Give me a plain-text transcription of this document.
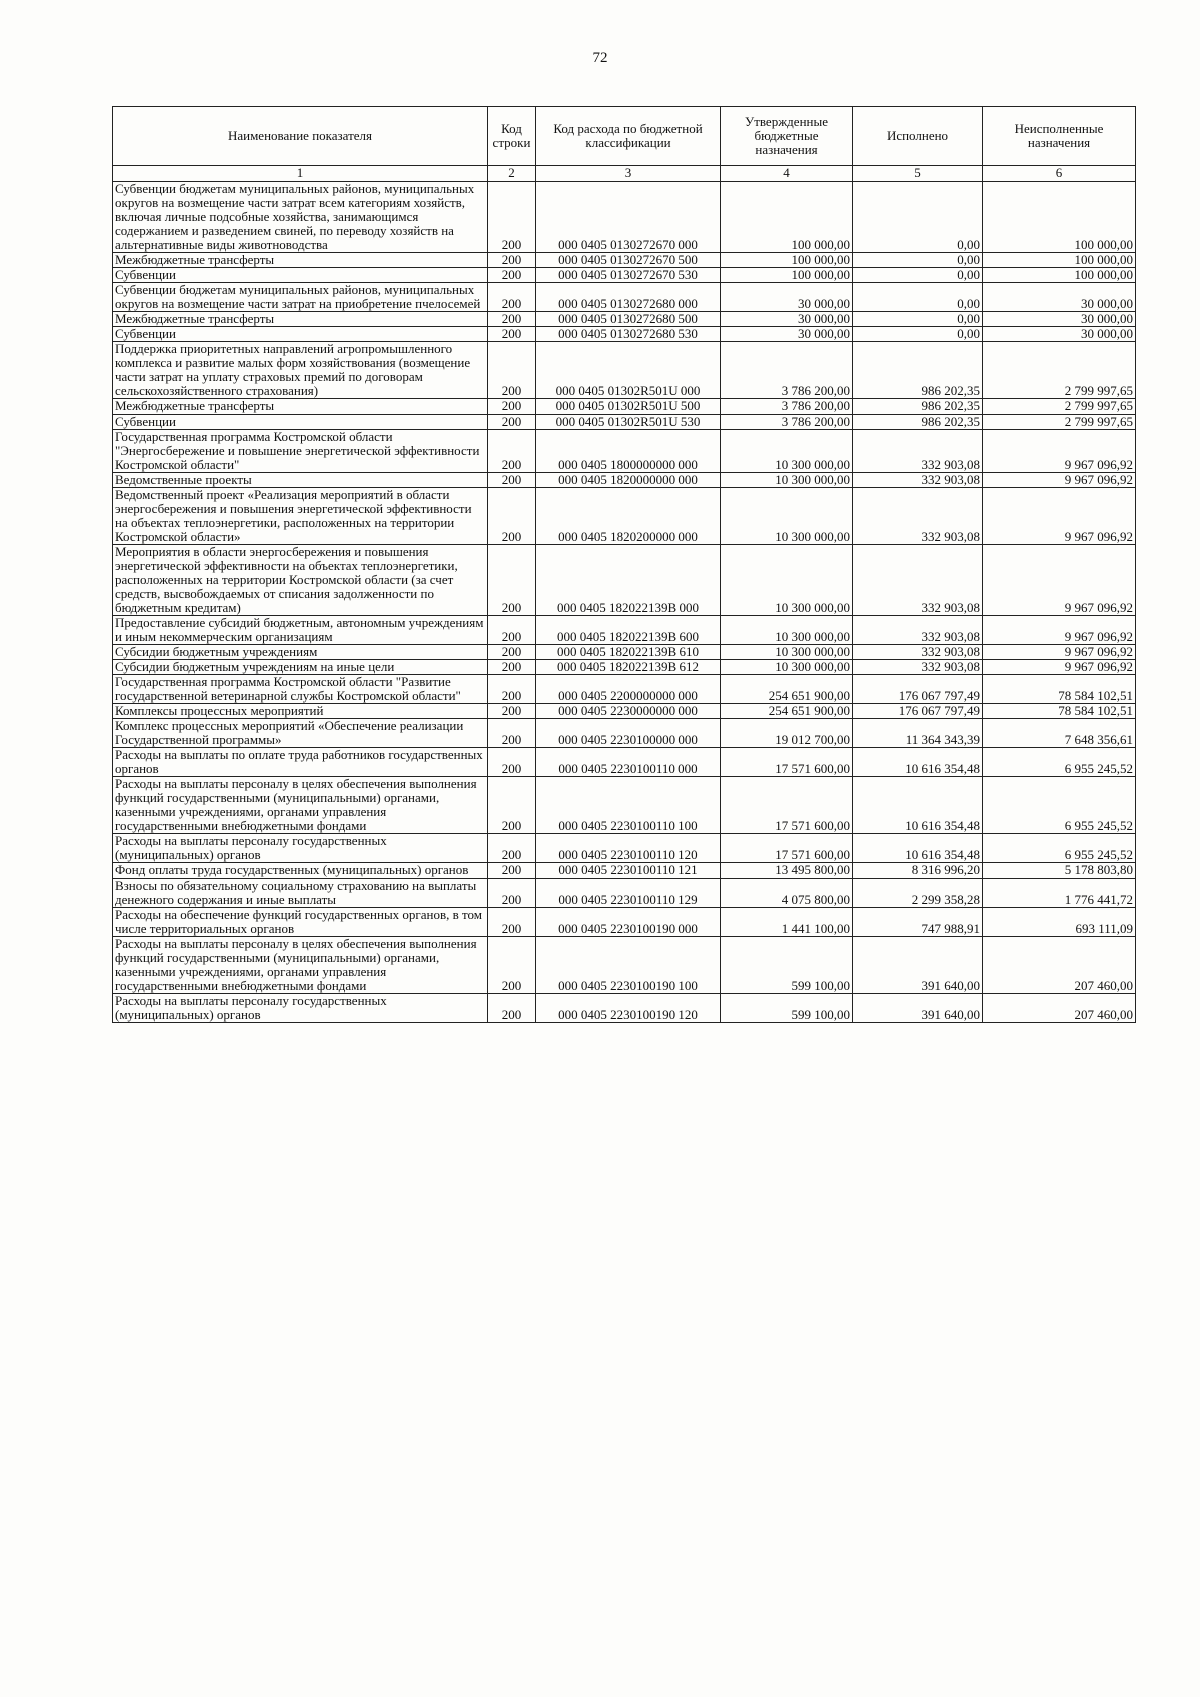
72
Наименование показателя	Код строки	Код расхода по бюджетной классификации	Утвержденные бюджетные назначения	Исполнено	Неисполненные назначения
1	2	3	4	5	6
Субвенции бюджетам муниципальных районов, муниципальных округов на возмещение части затрат всем категориям хозяйств, включая личные подсобные хозяйства, занимающимся содержанием и разведением свиней, по переводу хозяйств на альтернативные виды животноводства	200	000 0405 0130272670 000	100 000,00	0,00	100 000,00
Межбюджетные трансферты	200	000 0405 0130272670 500	100 000,00	0,00	100 000,00
Субвенции	200	000 0405 0130272670 530	100 000,00	0,00	100 000,00
Субвенции бюджетам муниципальных районов, муниципальных округов на возмещение части затрат на приобретение пчелосемей	200	000 0405 0130272680 000	30 000,00	0,00	30 000,00
Межбюджетные трансферты	200	000 0405 0130272680 500	30 000,00	0,00	30 000,00
Субвенции	200	000 0405 0130272680 530	30 000,00	0,00	30 000,00
Поддержка приоритетных направлений агропромышленного комплекса и развитие малых форм хозяйствования (возмещение части затрат на уплату страховых премий по договорам сельскохозяйственного страхования)	200	000 0405 01302R501U 000	3 786 200,00	986 202,35	2 799 997,65
Межбюджетные трансферты	200	000 0405 01302R501U 500	3 786 200,00	986 202,35	2 799 997,65
Субвенции	200	000 0405 01302R501U 530	3 786 200,00	986 202,35	2 799 997,65
Государственная программа Костромской области "Энергосбережение и повышение энергетической эффективности Костромской области"	200	000 0405 1800000000 000	10 300 000,00	332 903,08	9 967 096,92
Ведомственные проекты	200	000 0405 1820000000 000	10 300 000,00	332 903,08	9 967 096,92
Ведомственный проект «Реализация мероприятий в области энергосбережения и повышения энергетической эффективности на объектах теплоэнергетики, расположенных на территории Костромской области»	200	000 0405 1820200000 000	10 300 000,00	332 903,08	9 967 096,92
Мероприятия в области энергосбережения и повышения энергетической эффективности на объектах теплоэнергетики, расположенных на территории Костромской области (за счет средств, высвобождаемых от списания задолженности по бюджетным кредитам)	200	000 0405 182022139B 000	10 300 000,00	332 903,08	9 967 096,92
Предоставление субсидий бюджетным, автономным учреждениям и иным некоммерческим организациям	200	000 0405 182022139B 600	10 300 000,00	332 903,08	9 967 096,92
Субсидии бюджетным учреждениям	200	000 0405 182022139B 610	10 300 000,00	332 903,08	9 967 096,92
Субсидии бюджетным учреждениям на иные цели	200	000 0405 182022139B 612	10 300 000,00	332 903,08	9 967 096,92
Государственная программа Костромской области "Развитие государственной ветеринарной службы Костромской области"	200	000 0405 2200000000 000	254 651 900,00	176 067 797,49	78 584 102,51
Комплексы процессных мероприятий	200	000 0405 2230000000 000	254 651 900,00	176 067 797,49	78 584 102,51
Комплекс процессных мероприятий «Обеспечение реализации Государственной программы»	200	000 0405 2230100000 000	19 012 700,00	11 364 343,39	7 648 356,61
Расходы на выплаты по оплате труда работников государственных органов	200	000 0405 2230100110 000	17 571 600,00	10 616 354,48	6 955 245,52
Расходы на выплаты персоналу в целях обеспечения выполнения функций государственными (муниципальными) органами, казенными учреждениями, органами управления государственными внебюджетными фондами	200	000 0405 2230100110 100	17 571 600,00	10 616 354,48	6 955 245,52
Расходы на выплаты персоналу государственных (муниципальных) органов	200	000 0405 2230100110 120	17 571 600,00	10 616 354,48	6 955 245,52
Фонд оплаты труда государственных (муниципальных) органов	200	000 0405 2230100110 121	13 495 800,00	8 316 996,20	5 178 803,80
Взносы по обязательному социальному страхованию на выплаты денежного содержания и иные выплаты	200	000 0405 2230100110 129	4 075 800,00	2 299 358,28	1 776 441,72
Расходы на обеспечение функций государственных органов, в том числе территориальных органов	200	000 0405 2230100190 000	1 441 100,00	747 988,91	693 111,09
Расходы на выплаты персоналу в целях обеспечения выполнения функций государственными (муниципальными) органами, казенными учреждениями, органами управления государственными внебюджетными фондами	200	000 0405 2230100190 100	599 100,00	391 640,00	207 460,00
Расходы на выплаты персоналу государственных (муниципальных) органов	200	000 0405 2230100190 120	599 100,00	391 640,00	207 460,00
